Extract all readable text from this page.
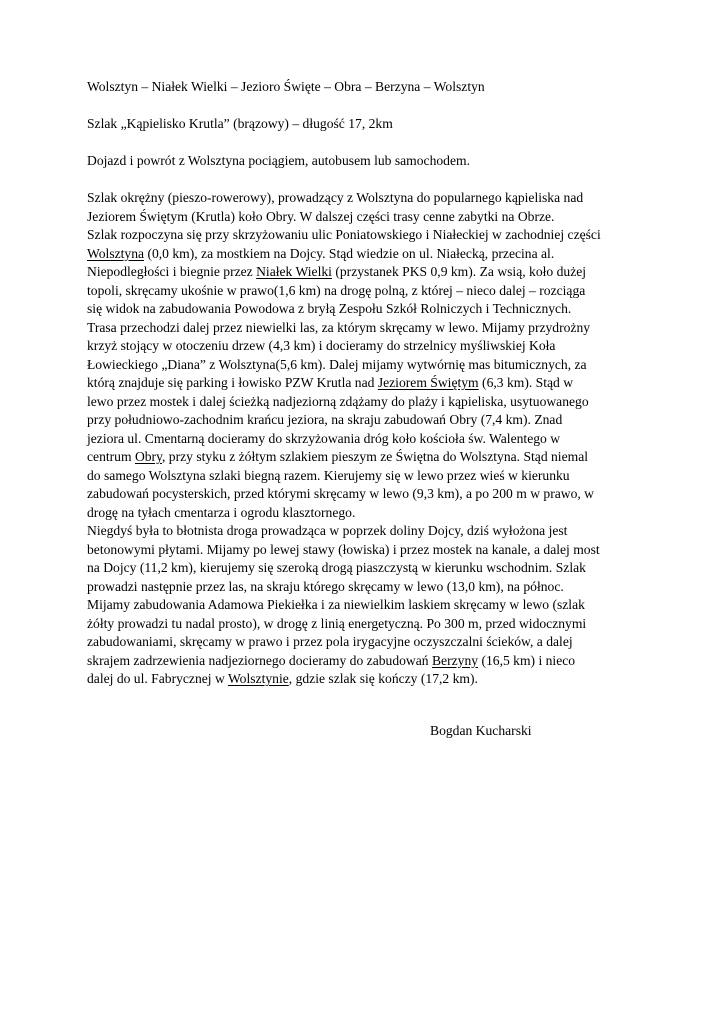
Wolsztyn – Niałek Wielki – Jezioro Święte – Obra – Berzyna – Wolsztyn

Szlak „Kąpielisko Krutla” (brązowy) – długość 17, 2km

Dojazd i powrót z Wolsztyna pociągiem, autobusem lub samochodem.

Szlak okrężny (pieszo-rowerowy), prowadzący z Wolsztyna do popularnego kąpieliska nad
Jeziorem Świętym (Krutla) koło Obry. W dalszej części trasy cenne zabytki na Obrze.
Szlak rozpoczyna się przy skrzyżowaniu ulic Poniatowskiego i Niałeckiej w zachodniej części
Wolsztyna (0,0 km), za mostkiem na Dojcy. Stąd wiedzie on ul. Niałecką, przecina al.
Niepodległości i biegnie przez Niałek Wielki (przystanek PKS 0,9 km). Za wsią, koło dużej
topoli, skręcamy ukośnie w prawo(1,6 km) na drogę polną, z której – nieco dalej – rozciąga
się widok na zabudowania Powodowa z bryłą Zespołu Szkół Rolniczych i Technicznych.
Trasa przechodzi dalej przez niewielki las, za którym skręcamy w lewo. Mijamy przydrożny
krzyż stojący w otoczeniu drzew (4,3 km) i docieramy do strzelnicy myśliwskiej Koła
Łowieckiego „Diana” z Wolsztyna(5,6 km). Dalej mijamy wytwórnię mas bitumicznych, za
którą znajduje się parking i łowisko PZW Krutla nad Jeziorem Świętym (6,3 km). Stąd w
lewo przez mostek i dalej ścieżką nadjeziorną zdążamy do plaży i kąpieliska, usytuowanego
przy południowo-zachodnim krańcu jeziora, na skraju zabudowań Obry (7,4 km). Znad
jeziora ul. Cmentarną docieramy do skrzyżowania dróg koło kościoła św. Walentego w
centrum Obry, przy styku z żółtym szlakiem pieszym ze Świętna do Wolsztyna. Stąd niemal
do samego Wolsztyna szlaki biegną razem. Kierujemy się w lewo przez wieś w kierunku
zabudowań pocysterskich, przed którymi skręcamy w lewo (9,3 km), a po 200 m w prawo, w
drogę na tyłach cmentarza i ogrodu klasztornego.
Niegdyś była to błotnista droga prowadząca w poprzek doliny Dojcy, dziś wyłożona jest
betonowymi płytami. Mijamy po lewej stawy (łowiska) i przez mostek na kanale, a dalej most
na Dojcy (11,2 km), kierujemy się szeroką drogą piaszczystą w kierunku wschodnim. Szlak
prowadzi następnie przez las, na skraju którego skręcamy w lewo (13,0 km), na północ.
Mijamy zabudowania Adamowa Piekiełka i za niewielkim laskiem skręcamy w lewo (szlak
żółty prowadzi tu nadal prosto), w drogę z linią energetyczną. Po 300 m, przed widocznymi
zabudowaniami, skręcamy w prawo i przez pola irygacyjne oczyszczalni ścieków, a dalej
skrajem zadrzewienia nadjeziornego docieramy do zabudowań Berzyny (16,5 km) i nieco
dalej do ul. Fabrycznej w Wolsztynie, gdzie szlak się kończy (17,2 km).
Bogdan Kucharski
